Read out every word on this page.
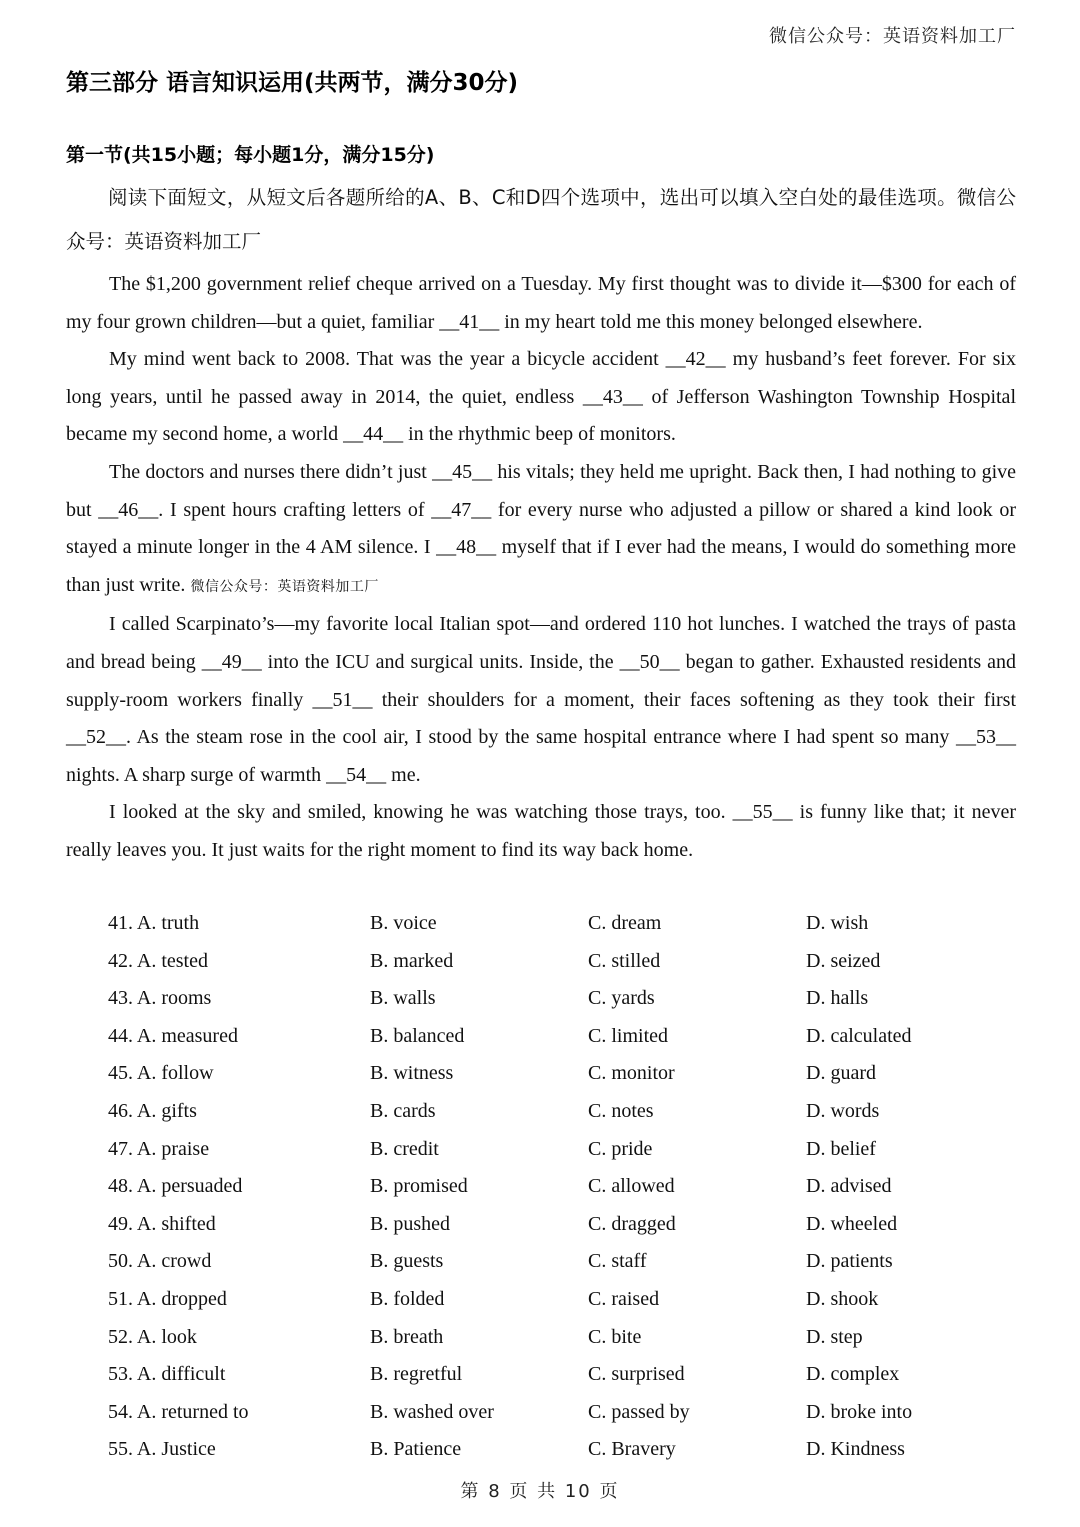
微信公众号：英语资料加工厂
第三部分 语言知识运用(共两节，满分30分)
第一节(共15小题；每小题1分，满分15分)

阅读下面短文，从短文后各题所给的A、B、C和D四个选项中，选出可以填入空白处的最佳选项。微信公众号：英语资料加工厂

The $1,200 government relief cheque arrived on a Tuesday. My first thought was to divide it—$300 for each of my four grown children—but a quiet, familiar __41__ in my heart told me this money belonged elsewhere.

My mind went back to 2008. That was the year a bicycle accident __42__ my husband’s feet forever. For six long years, until he passed away in 2014, the quiet, endless __43__ of Jefferson Washington Township Hospital became my second home, a world __44__ in the rhythmic beep of monitors.

The doctors and nurses there didn’t just __45__ his vitals; they held me upright. Back then, I had nothing to give but __46__. I spent hours crafting letters of __47__ for every nurse who adjusted a pillow or shared a kind look or stayed a minute longer in the 4 AM silence. I __48__ myself that if I ever had the means, I would do something more than just write. 微信公众号：英语资料加工厂

I called Scarpinato’s—my favorite local Italian spot—and ordered 110 hot lunches. I watched the trays of pasta and bread being __49__ into the ICU and surgical units. Inside, the __50__ began to gather. Exhausted residents and supply-room workers finally __51__ their shoulders for a moment, their faces softening as they took their first __52__. As the steam rose in the cool air, I stood by the same hospital entrance where I had spent so many __53__ nights. A sharp surge of warmth __54__ me.

I looked at the sky and smiled, knowing he was watching those trays, too. __55__ is funny like that; it never really leaves you. It just waits for the right moment to find its way back home.

41. A. truth	B. voice	C. dream	D. wish
42. A. tested	B. marked	C. stilled	D. seized
43. A. rooms	B. walls	C. yards	D. halls
44. A. measured	B. balanced	C. limited	D. calculated
45. A. follow	B. witness	C. monitor	D. guard
46. A. gifts	B. cards	C. notes	D. words
47. A. praise	B. credit	C. pride	D. belief
48. A. persuaded	B. promised	C. allowed	D. advised
49. A. shifted	B. pushed	C. dragged	D. wheeled
50. A. crowd	B. guests	C. staff	D. patients
51. A. dropped	B. folded	C. raised	D. shook
52. A. look	B. breath	C. bite	D. step
53. A. difficult	B. regretful	C. surprised	D. complex
54. A. returned to	B. washed over	C. passed by	D. broke into
55. A. Justice	B. Patience	C. Bravery	D. Kindness
第 8 页 共 10 页
